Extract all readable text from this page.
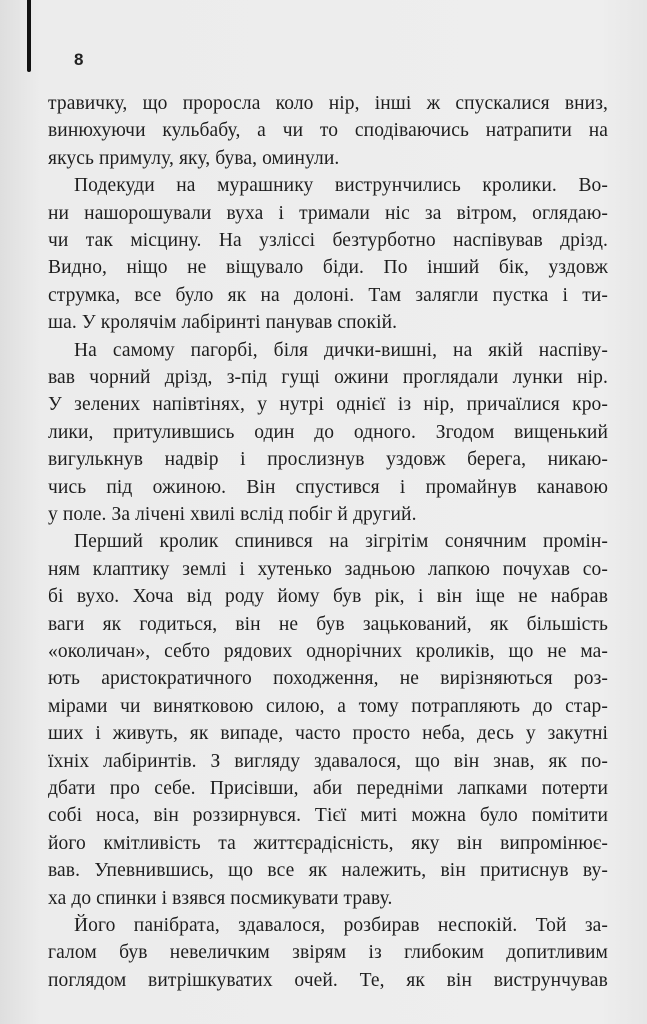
8
травичку, що проросла коло нір, інші ж спускалися вниз,
винюхуючи кульбабу, а чи то сподіваючись натрапити на
якусь примулу, яку, бува, оминули.
Подекуди на мурашнику виструнчились кролики. Во-
ни нашорошували вуха і тримали ніс за вітром, оглядаю-
чи так місцину. На узліссі безтурботно наспівував дрізд.
Видно, ніщо не віщувало біди. По інший бік, уздовж
струмка, все було як на долоні. Там залягли пустка і ти-
ша. У кролячім лабіринті панував спокій.
На самому пагорбі, біля дички-вишні, на якій наспіву-
вав чорний дрізд, з-під гущі ожини проглядали лунки нір.
У зелених напівтінях, у нутрі однієї із нір, причаїлися кро-
лики, притулившись один до одного. Згодом вищенький
вигулькнув надвір і прослизнув уздовж берега, никаю-
чись під ожиною. Він спустився і промайнув канавою
у поле. За лічені хвилі вслід побіг й другий.
Перший кролик спинився на зігрітім сонячним промін-
ням клаптику землі і хутенько задньою лапкою почухав со-
бі вухо. Хоча від роду йому був рік, і він іще не набрав
ваги як годиться, він не був зацькований, як більшість
«околичан», себто рядових однорічних кроликів, що не ма-
ють аристократичного походження, не вирізняються роз-
мірами чи винятковою силою, а тому потрапляють до стар-
ших і живуть, як випаде, часто просто неба, десь у закутні
їхніх лабіринтів. З вигляду здавалося, що він знав, як по-
дбати про себе. Присівши, аби передніми лапками потерти
собі носа, він роззирнувся. Тієї миті можна було помітити
його кмітливість та життєрадісність, яку він випромінює-
вав. Упевнившись, що все як належить, він притиснув ву-
ха до спинки і взявся посмикувати траву.
Його панібрата, здавалося, розбирав неспокій. Той за-
галом був невеличким звірям із глибоким допитливим
поглядом витрішкуватих очей. Те, як він виструнчував
